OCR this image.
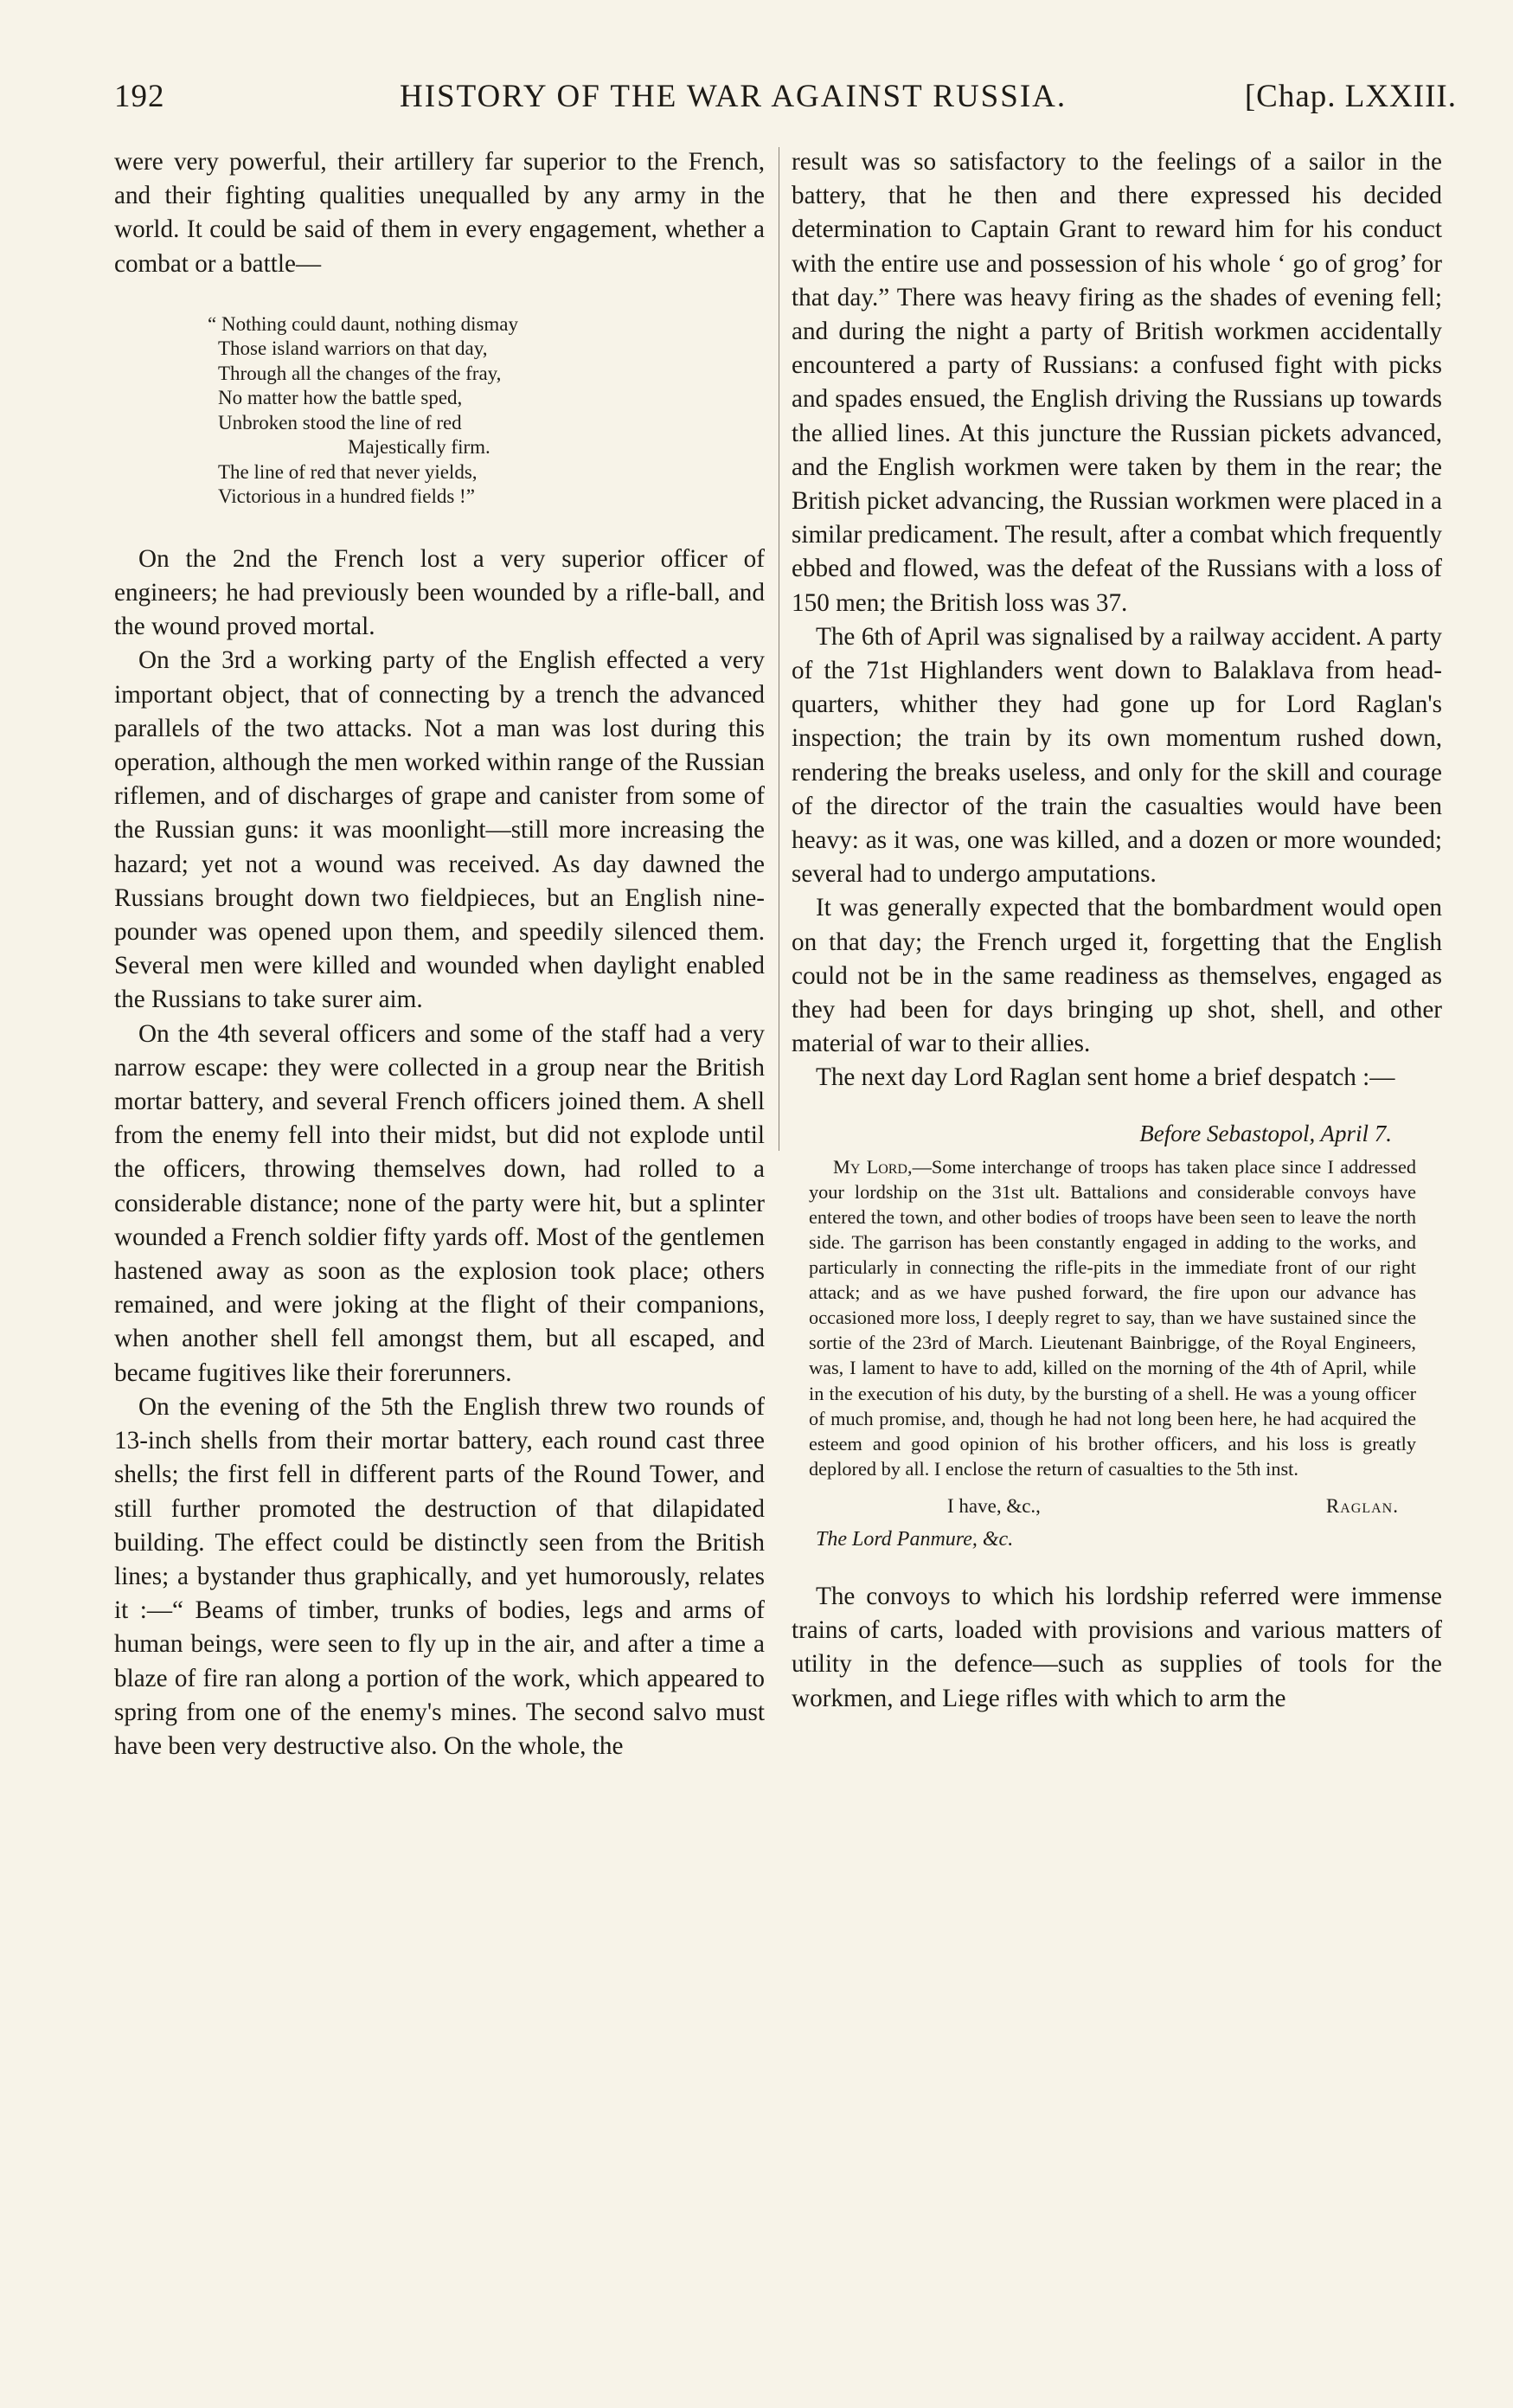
192	HISTORY OF THE WAR AGAINST RUSSIA.	[Chap. LXXIII.

were very powerful, their artillery far superior to the French, and their fighting qualities unequalled by any army in the world. It could be said of them in every engagement, whether a combat or a battle—

“ Nothing could daunt, nothing dismay
Those island warriors on that day,
Through all the changes of the fray,
No matter how the battle sped,
Unbroken stood the line of red
Majestically firm.
The line of red that never yields,
Victorious in a hundred fields !”

On the 2nd the French lost a very superior officer of engineers; he had previously been wounded by a rifle-ball, and the wound proved mortal.

On the 3rd a working party of the English effected a very important object, that of connecting by a trench the advanced parallels of the two attacks. Not a man was lost during this operation, although the men worked within range of the Russian riflemen, and of discharges of grape and canister from some of the Russian guns: it was moonlight—still more increasing the hazard; yet not a wound was received. As day dawned the Russians brought down two fieldpieces, but an English nine-pounder was opened upon them, and speedily silenced them. Several men were killed and wounded when daylight enabled the Russians to take surer aim.

On the 4th several officers and some of the staff had a very narrow escape: they were collected in a group near the British mortar battery, and several French officers joined them. A shell from the enemy fell into their midst, but did not explode until the officers, throwing themselves down, had rolled to a considerable distance; none of the party were hit, but a splinter wounded a French soldier fifty yards off. Most of the gentlemen hastened away as soon as the explosion took place; others remained, and were joking at the flight of their companions, when another shell fell amongst them, but all escaped, and became fugitives like their forerunners.

On the evening of the 5th the English threw two rounds of 13-inch shells from their mortar battery, each round cast three shells; the first fell in different parts of the Round Tower, and still further promoted the destruction of that dilapidated building. The effect could be distinctly seen from the British lines; a bystander thus graphically, and yet humorously, relates it :—“ Beams of timber, trunks of bodies, legs and arms of human beings, were seen to fly up in the air, and after a time a blaze of fire ran along a portion of the work, which appeared to spring from one of the enemy's mines. The second salvo must have been very destructive also. On the whole, the

result was so satisfactory to the feelings of a sailor in the battery, that he then and there expressed his decided determination to Captain Grant to reward him for his conduct with the entire use and possession of his whole ‘ go of grog’ for that day.” There was heavy firing as the shades of evening fell; and during the night a party of British workmen accidentally encountered a party of Russians: a confused fight with picks and spades ensued, the English driving the Russians up towards the allied lines. At this juncture the Russian pickets advanced, and the English workmen were taken by them in the rear; the British picket advancing, the Russian workmen were placed in a similar predicament. The result, after a combat which frequently ebbed and flowed, was the defeat of the Russians with a loss of 150 men; the British loss was 37.

The 6th of April was signalised by a railway accident. A party of the 71st Highlanders went down to Balaklava from head-quarters, whither they had gone up for Lord Raglan's inspection; the train by its own momentum rushed down, rendering the breaks useless, and only for the skill and courage of the director of the train the casualties would have been heavy: as it was, one was killed, and a dozen or more wounded; several had to undergo amputations.

It was generally expected that the bombardment would open on that day; the French urged it, forgetting that the English could not be in the same readiness as themselves, engaged as they had been for days bringing up shot, shell, and other material of war to their allies.

The next day Lord Raglan sent home a brief despatch :—

Before Sebastopol, April 7.

My Lord,—Some interchange of troops has taken place since I addressed your lordship on the 31st ult. Battalions and considerable convoys have entered the town, and other bodies of troops have been seen to leave the north side. The garrison has been constantly engaged in adding to the works, and particularly in connecting the rifle-pits in the immediate front of our right attack; and as we have pushed forward, the fire upon our advance has occasioned more loss, I deeply regret to say, than we have sustained since the sortie of the 23rd of March. Lieutenant Bainbrigge, of the Royal Engineers, was, I lament to have to add, killed on the morning of the 4th of April, while in the execution of his duty, by the bursting of a shell. He was a young officer of much promise, and, though he had not long been here, he had acquired the esteem and good opinion of his brother officers, and his loss is greatly deplored by all. I enclose the return of casualties to the 5th inst.

I have, &c.,	Raglan.
The Lord Panmure, &c.

The convoys to which his lordship referred were immense trains of carts, loaded with provisions and various matters of utility in the defence—such as supplies of tools for the workmen, and Liege rifles with which to arm the
